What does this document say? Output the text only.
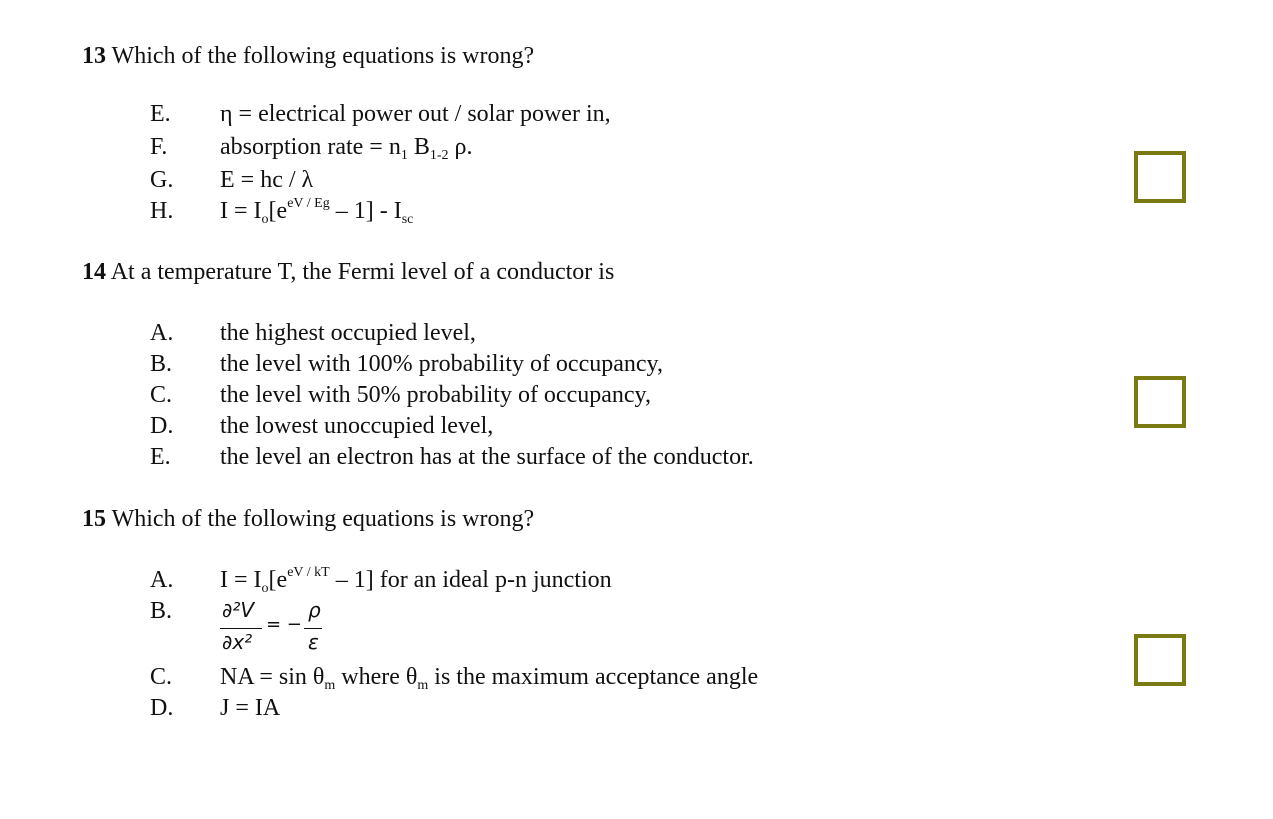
13 Which of the following equations is wrong?
E. η = electrical power out / solar power in,
F. absorption rate = $n_1$ $B_{1-2}$ ρ.
G. E = hc / λ
H. $I = I_o[e^{eV / Eg} - 1] - I_{sc}$
14 At a temperature T, the Fermi level of a conductor is
A. the highest occupied level,
B. the level with 100% probability of occupancy,
C. the level with 50% probability of occupancy,
D. the lowest unoccupied level,
E. the level an electron has at the surface of the conductor.
15 Which of the following equations is wrong?
A. $I = I_o[e^{eV / kT} - 1]$ for an ideal p-n junction
B. ∂²V
∂x²
= −
ρ
ε
C. NA = $\sin \theta_m$ where $\theta_m$ is the maximum acceptance angle
D. J = IA
